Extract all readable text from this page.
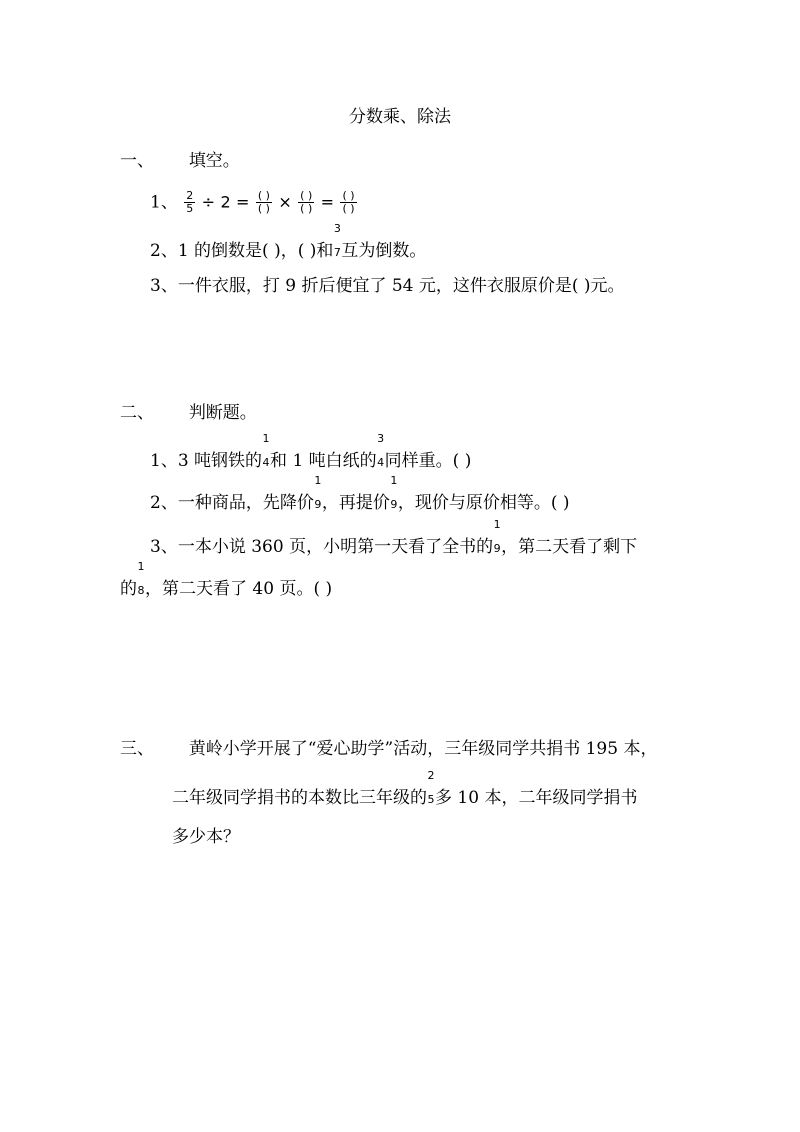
分数乘、除法
一、 填空。
1、 $\frac{2}{5} \div 2 = \frac{( )}{( )} \times \frac{( )}{( )} = \frac{( )}{( )}$
2、1 的倒数是( )，( )和
3
7互为倒数。
3、一件衣服，打 9 折后便宜了 54 元，这件衣服原价是( )元。
二、 判断题。
1、3 吨钢铁的
1
4和 1 吨白纸的
3
4同样重。( )
2、一种商品，先降价
1
9，再提价
1
9，现价与原价相等。( )
3、一本小说 360 页，小明第一天看了全书的
1
9，第二天看了剩下
的
1
8，第二天看了 40 页。( )
三、 黄岭小学开展了“爱心助学”活动，三年级同学共捐书 195 本，
二年级同学捐书的本数比三年级的
2
5多 10 本，二年级同学捐书
多少本？
